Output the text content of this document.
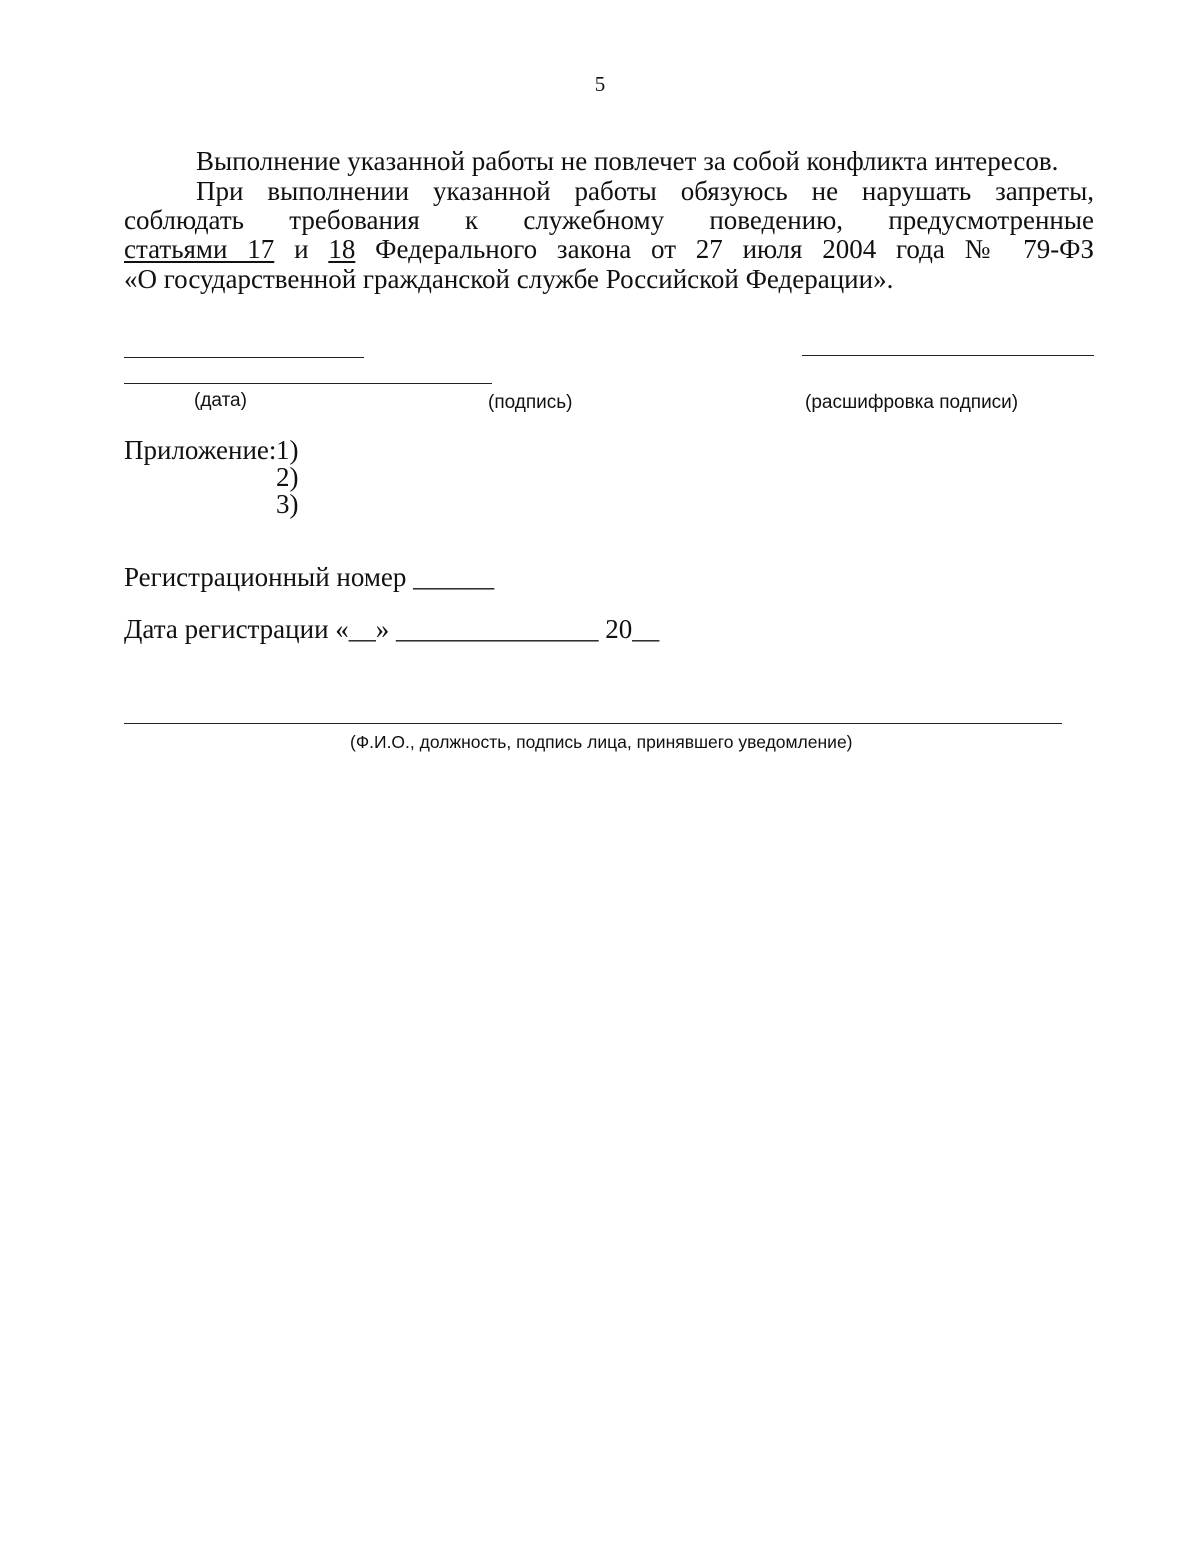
5
Выполнение указанной работы не повлечет за собой конфликта интересов.
При выполнении указанной работы обязуюсь не нарушать запреты,
соблюдать требования к служебному поведению, предусмотренные
статьями 17 и 18 Федерального закона от 27 июля 2004 года № 79-ФЗ
«О государственной гражданской службе Российской Федерации».
(дата)	(подпись)	(расшифровка подписи)
Приложение: 1)
2)
3)
Регистрационный номер ______
Дата регистрации «__» _______________ 20__
(Ф.И.О., должность, подпись лица, принявшего уведомление)
